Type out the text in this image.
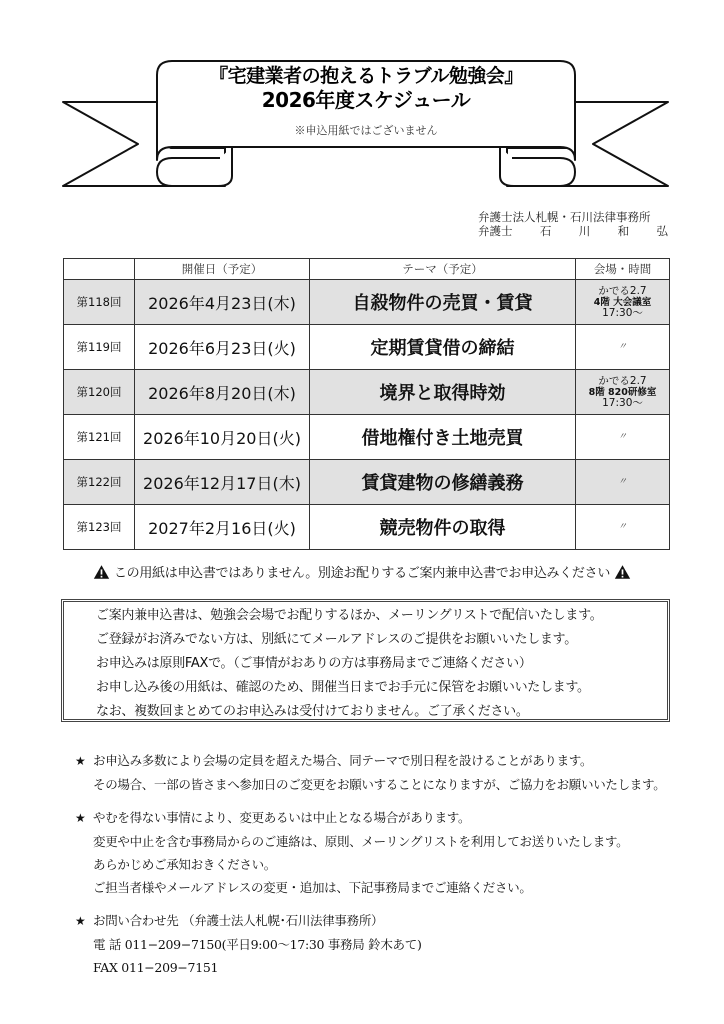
『宅建業者の抱えるトラブル勉強会』
2026年度スケジュール
※申込用紙ではございません
弁護士法人札幌・石川法律事務所
弁護士 石 川 和 弘
	開催日（予定）	テーマ（予定）	会場・時間
第118回	2026年4月23日(木)	自殺物件の売買・賃貸	かでる2.7
4階 大会議室
17:30〜

第119回	2026年6月23日(火)	定期賃貸借の締結	〃
第120回	2026年8月20日(木)	境界と取得時効	かでる2.7
8階 820研修室
17:30〜

第121回	2026年10月20日(火)	借地権付き土地売買	〃
第122回	2026年12月17日(木)	賃貸建物の修繕義務	〃
第123回	2027年2月16日(火)	競売物件の取得	〃
この用紙は申込書ではありません。別途お配りするご案内兼申込書でお申込みください
ご案内兼申込書は、勉強会会場でお配りするほか、メーリングリストで配信いたします。
ご登録がお済みでない方は、別紙にてメールアドレスのご提供をお願いいたします。
お申込みは原則FAXで。（ご事情がおありの方は事務局までご連絡ください）
お申し込み後の用紙は、確認のため、開催当日までお手元に保管をお願いいたします。
なお、複数回まとめてのお申込みは受付けておりません。ご了承ください。
★ お申込み多数により会場の定員を超えた場合、同テーマで別日程を設けることがあります。
その場合、一部の皆さまへ参加日のご変更をお願いすることになりますが、ご協力をお願いいたします。
★ やむを得ない事情により、変更あるいは中止となる場合があります。
変更や中止を含む事務局からのご連絡は、原則、メーリングリストを利用してお送りいたします。
あらかじめご承知おきください。
ご担当者様やメールアドレスの変更・追加は、下記事務局までご連絡ください。
★ お問い合わせ先 （弁護士法人札幌･石川法律事務所）
電 話 011−209−7150(平日9:00〜17:30 事務局 鈴木あて)
FAX 011−209−7151
